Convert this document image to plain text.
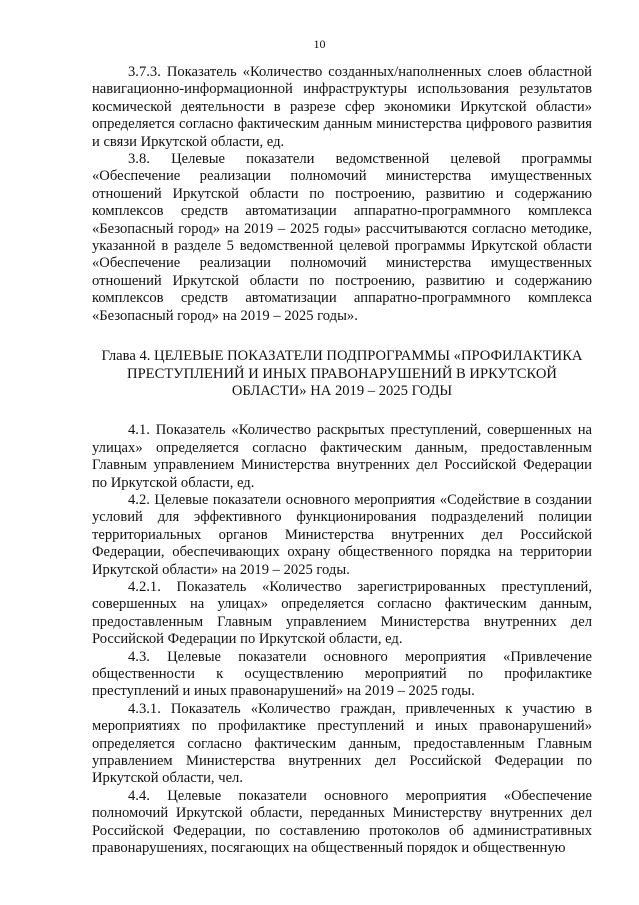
10

3.7.3. Показатель «Количество созданных/наполненных слоев областной навигационно-информационной инфраструктуры использования результатов космической деятельности в разрезе сфер экономики Иркутской области» определяется согласно фактическим данным министерства цифрового развития и связи Иркутской области, ед.

3.8. Целевые показатели ведомственной целевой программы «Обеспечение реализации полномочий министерства имущественных отношений Иркутской области по построению, развитию и содержанию комплексов средств автоматизации аппаратно-программного комплекса «Безопасный город» на 2019 – 2025 годы» рассчитываются согласно методике, указанной в разделе 5 ведомственной целевой программы Иркутской области «Обеспечение реализации полномочий министерства имущественных отношений Иркутской области по построению, развитию и содержанию комплексов средств автоматизации аппаратно-программного комплекса «Безопасный город» на 2019 – 2025 годы».

Глава 4. ЦЕЛЕВЫЕ ПОКАЗАТЕЛИ ПОДПРОГРАММЫ «ПРОФИЛАКТИКА ПРЕСТУПЛЕНИЙ И ИНЫХ ПРАВОНАРУШЕНИЙ В ИРКУТСКОЙ ОБЛАСТИ» НА 2019 – 2025 ГОДЫ

4.1. Показатель «Количество раскрытых преступлений, совершенных на улицах» определяется согласно фактическим данным, предоставленным Главным управлением Министерства внутренних дел Российской Федерации по Иркутской области, ед.

4.2. Целевые показатели основного мероприятия «Содействие в создании условий для эффективного функционирования подразделений полиции территориальных органов Министерства внутренних дел Российской Федерации, обеспечивающих охрану общественного порядка на территории Иркутской области» на 2019 – 2025 годы.

4.2.1. Показатель «Количество зарегистрированных преступлений, совершенных на улицах» определяется согласно фактическим данным, предоставленным Главным управлением Министерства внутренних дел Российской Федерации по Иркутской области, ед.

4.3. Целевые показатели основного мероприятия «Привлечение общественности к осуществлению мероприятий по профилактике преступлений и иных правонарушений» на 2019 – 2025 годы.

4.3.1. Показатель «Количество граждан, привлеченных к участию в мероприятиях по профилактике преступлений и иных правонарушений» определяется согласно фактическим данным, предоставленным Главным управлением Министерства внутренних дел Российской Федерации по Иркутской области, чел.

4.4. Целевые показатели основного мероприятия «Обеспечение полномочий Иркутской области, переданных Министерству внутренних дел Российской Федерации, по составлению протоколов об административных правонарушениях, посягающих на общественный порядок и общественную
